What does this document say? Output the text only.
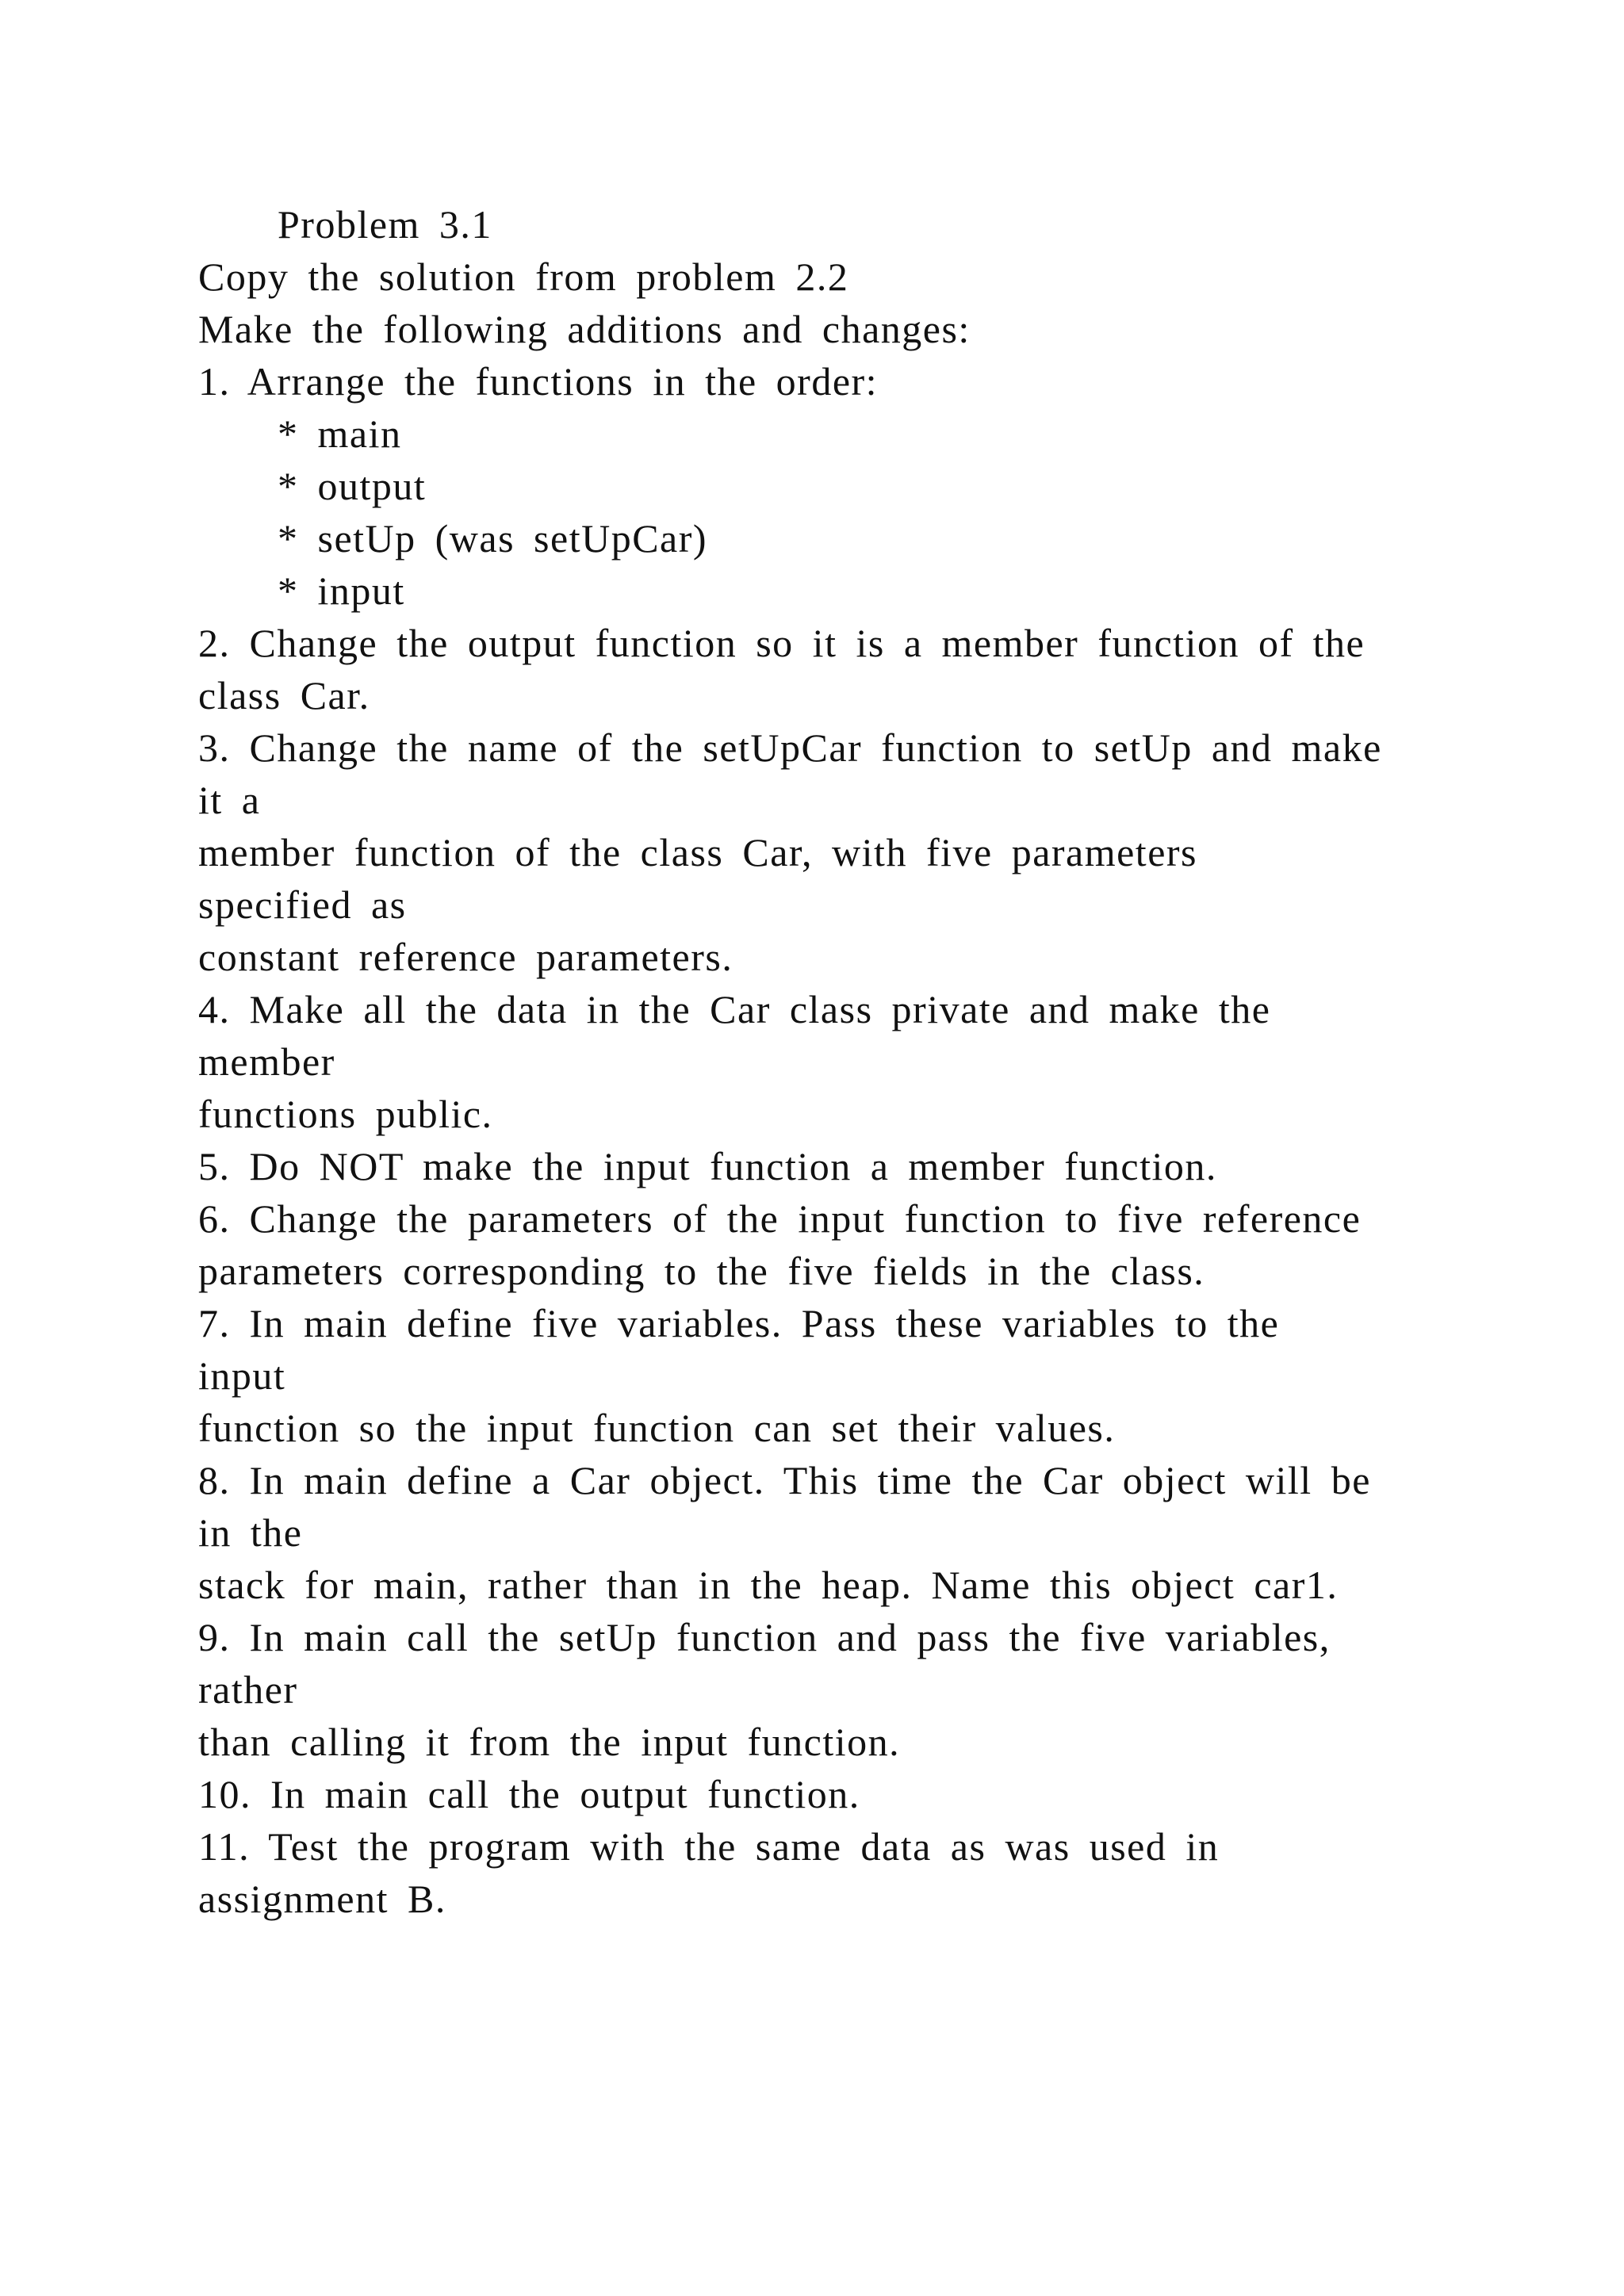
Problem 3.1
Copy the solution from problem 2.2
Make the following additions and changes:
1. Arrange the functions in the order:
* main
* output
* setUp (was setUpCar)
* input
2. Change the output function so it is a member function of the
class Car.
3. Change the name of the setUpCar function to setUp and make
it a
member function of the class Car, with five parameters
specified as
constant reference parameters.
4. Make all the data in the Car class private and make the
member
functions public.
5. Do NOT make the input function a member function.
6. Change the parameters of the input function to five reference
parameters corresponding to the five fields in the class.
7. In main define five variables. Pass these variables to the
input
function so the input function can set their values.
8. In main define a Car object. This time the Car object will be
in the
stack for main, rather than in the heap. Name this object car1.
9. In main call the setUp function and pass the five variables,
rather
than calling it from the input function.
10. In main call the output function.
11. Test the program with the same data as was used in
assignment B.
